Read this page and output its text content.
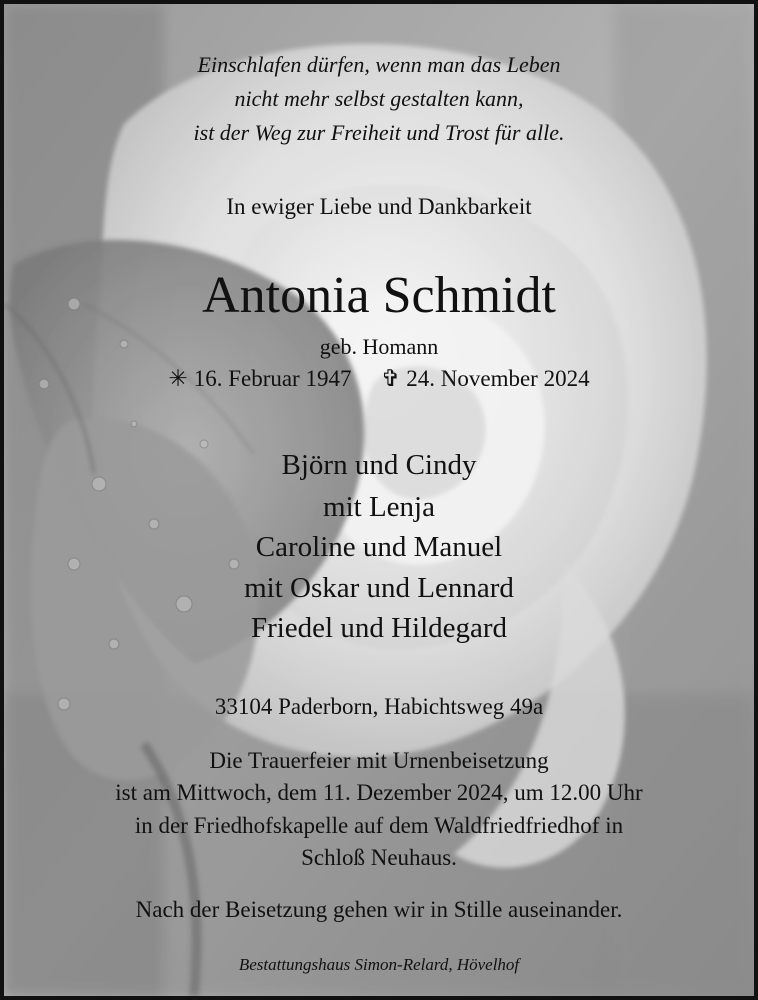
Einschlafen dürfen, wenn man das Leben
nicht mehr selbst gestalten kann,
ist der Weg zur Freiheit und Trost für alle.
In ewiger Liebe und Dankbarkeit
Antonia Schmidt
geb. Homann
✳ 16. Februar 1947 ✞ 24. November 2024
Björn und Cindy
mit Lenja
Caroline und Manuel
mit Oskar und Lennard
Friedel und Hildegard
33104 Paderborn, Habichtsweg 49a
Die Trauerfeier mit Urnenbeisetzung
ist am Mittwoch, dem 11. Dezember 2024, um 12.00 Uhr
in der Friedhofskapelle auf dem Waldfriedfriedhof in
Schloß Neuhaus.
Nach der Beisetzung gehen wir in Stille auseinander.
Bestattungshaus Simon-Relard, Hövelhof
